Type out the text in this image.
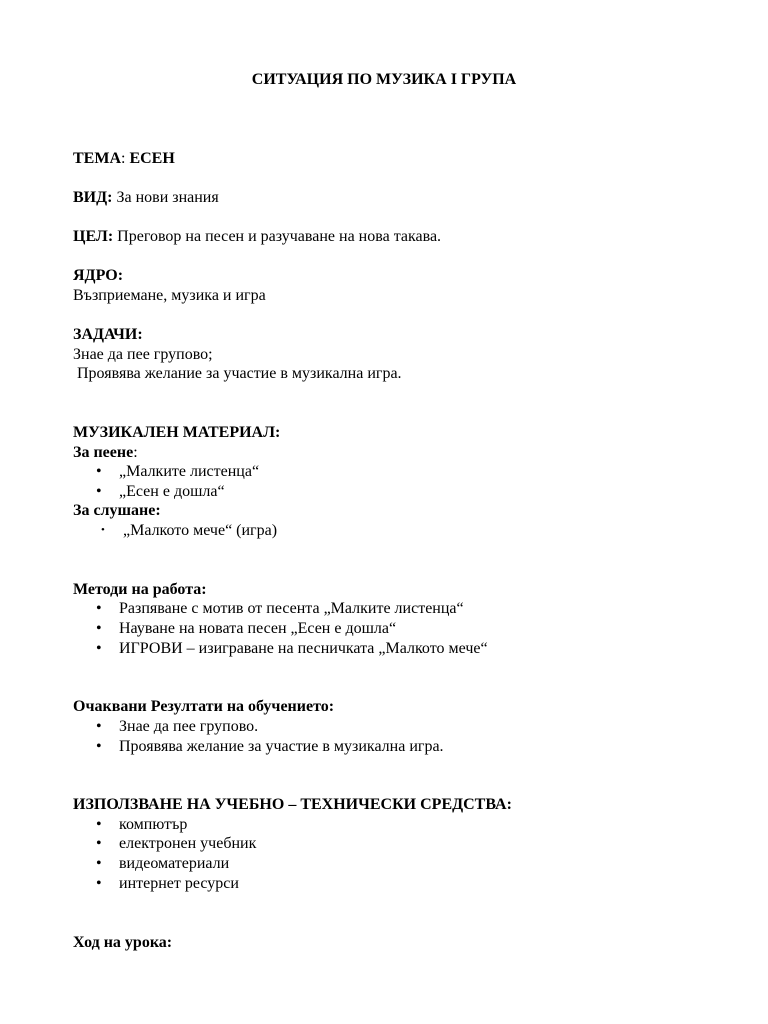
СИТУАЦИЯ ПО МУЗИКА I ГРУПА
ТЕМА: ЕСЕН
ВИД: За нови знания
ЦЕЛ: Преговор на песен и разучаване на нова такава.
ЯДРО:
Възприемане, музика и игра
ЗАДАЧИ:
Знае да пее групово;
Проявява желание за участие в музикална игра.
МУЗИКАЛЕН МАТЕРИАЛ:
За пеене:
• „Малките листенца“
• „Есен е дошла“
За слушане:
• „Малкото мече“ (игра)
Методи на работа:
• Разпяване с мотив от песента „Малките листенца“
• Науване на новата песен „Есен е дошла“
• ИГРОВИ – изиграване на песничката „Малкото мече“
Очаквани Резултати на обучението:
• Знае да пее групово.
• Проявява желание за участие в музикална игра.
ИЗПОЛЗВАНЕ НА УЧЕБНО – ТЕХНИЧЕСКИ СРЕДСТВА:
• компютър
• електронен учебник
• видеоматериали
• интернет ресурси
Ход на урока:
